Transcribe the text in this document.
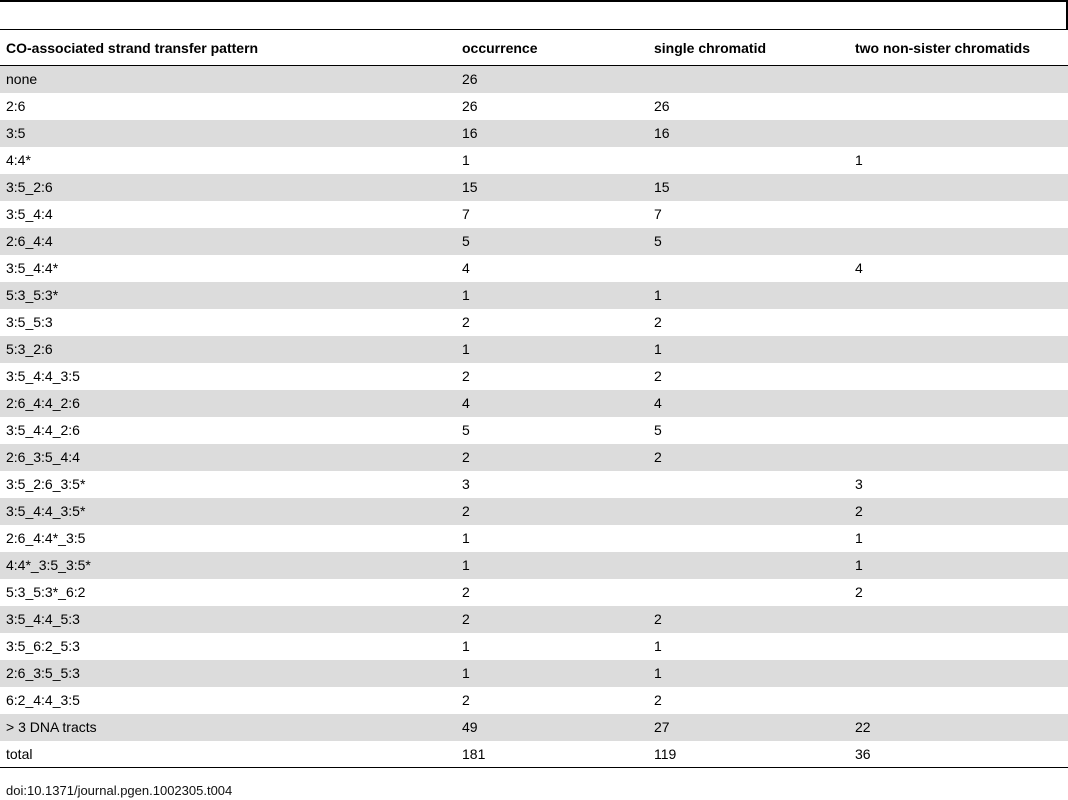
CO-associated strand transfer pattern	occurrence	single chromatid	two non-sister chromatids
none	26		
2:6	26	26	
3:5	16	16	
4:4*	1		1
3:5_2:6	15	15	
3:5_4:4	7	7	
2:6_4:4	5	5	
3:5_4:4*	4		4
5:3_5:3*	1	1	
3:5_5:3	2	2	
5:3_2:6	1	1	
3:5_4:4_3:5	2	2	
2:6_4:4_2:6	4	4	
3:5_4:4_2:6	5	5	
2:6_3:5_4:4	2	2	
3:5_2:6_3:5*	3		3
3:5_4:4_3:5*	2		2
2:6_4:4*_3:5	1		1
4:4*_3:5_3:5*	1		1
5:3_5:3*_6:2	2		2
3:5_4:4_5:3	2	2	
3:5_6:2_5:3	1	1	
2:6_3:5_5:3	1	1	
6:2_4:4_3:5	2	2	
> 3 DNA tracts	49	27	22
total	181	119	36
doi:10.1371/journal.pgen.1002305.t004
